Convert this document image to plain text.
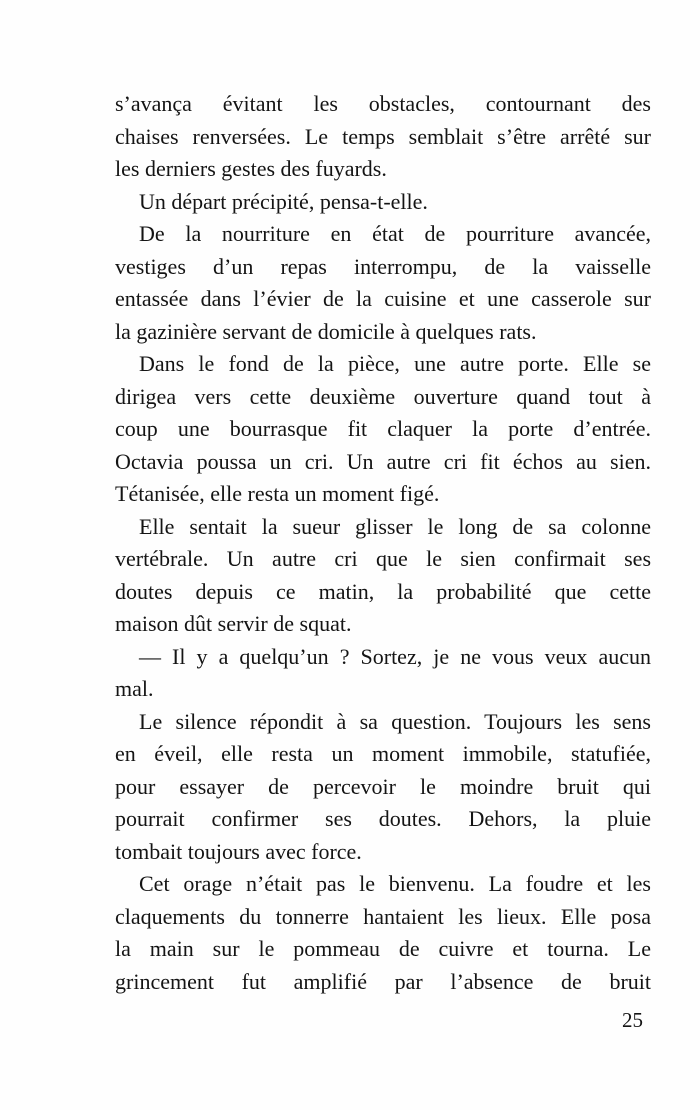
s’avança évitant les obstacles, contournant des
chaises renversées. Le temps semblait s’être arrêté sur
les derniers gestes des fuyards.
Un départ précipité, pensa-t-elle.
De la nourriture en état de pourriture avancée,
vestiges d’un repas interrompu, de la vaisselle
entassée dans l’évier de la cuisine et une casserole sur
la gazinière servant de domicile à quelques rats.
Dans le fond de la pièce, une autre porte. Elle se
dirigea vers cette deuxième ouverture quand tout à
coup une bourrasque fit claquer la porte d’entrée.
Octavia poussa un cri. Un autre cri fit échos au sien.
Tétanisée, elle resta un moment figé.
Elle sentait la sueur glisser le long de sa colonne
vertébrale. Un autre cri que le sien confirmait ses
doutes depuis ce matin, la probabilité que cette
maison dût servir de squat.
— Il y a quelqu’un ? Sortez, je ne vous veux aucun
mal.
Le silence répondit à sa question. Toujours les sens
en éveil, elle resta un moment immobile, statufiée,
pour essayer de percevoir le moindre bruit qui
pourrait confirmer ses doutes. Dehors, la pluie
tombait toujours avec force.
Cet orage n’était pas le bienvenu. La foudre et les
claquements du tonnerre hantaient les lieux. Elle posa
la main sur le pommeau de cuivre et tourna. Le
grincement fut amplifié par l’absence de bruit
25
